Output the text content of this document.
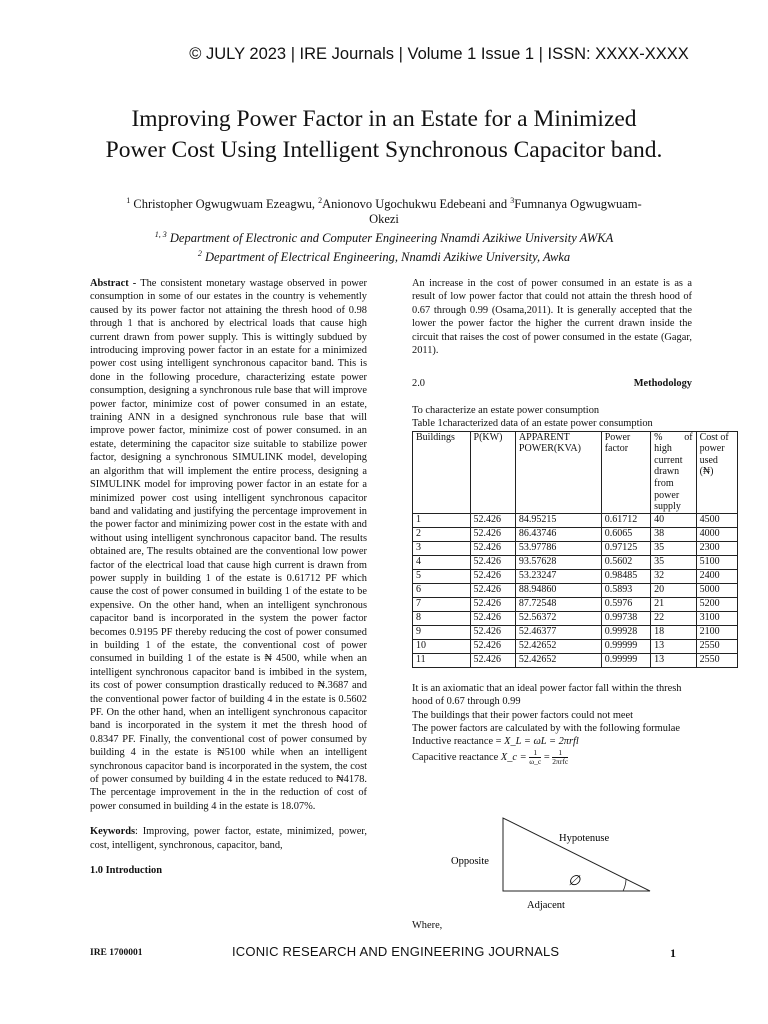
© JULY 2023 | IRE Journals | Volume 1 Issue 1 | ISSN: XXXX-XXXX
Improving Power Factor in an Estate for a Minimized
Power Cost Using Intelligent Synchronous Capacitor band.
$^1$ Christopher Ogwugwuam Ezeagwu, $^2$Anionovo Ugochukwu Edebeani and $^3$Fumnanya Ogwugwuam-
Okezi
$^{1, 3}$ Department of Electronic and Computer Engineering Nnamdi Azikiwe University AWKA
$^2$ Department of Electrical Engineering, Nnamdi Azikiwe University, Awka

Abstract - The consistent monetary wastage observed in power consumption in some of our estates in the country is vehemently caused by its power factor not attaining the thresh hood of 0.98 through 1 that is anchored by electrical loads that cause high current drawn from power supply. This is wittingly subdued by introducing improving power factor in an estate for a minimized power cost using intelligent synchronous capacitor band. This is done in the following procedure, characterizing estate power consumption, designing a synchronous rule base that will improve power factor, minimize cost of power consumed in an estate, training ANN in a designed synchronous rule base that will improve power factor, minimize cost of power consumed. in an estate, determining the capacitor size suitable to stabilize power factor, designing a synchronous SIMULINK model, developing an algorithm that will implement the entire process, designing a SIMULINK model for improving power factor in an estate for a minimized power cost using intelligent synchronous capacitor band and validating and justifying the percentage improvement in the power factor and minimizing power cost in the estate with and without using intelligent synchronous capacitor band. The results obtained are, The results obtained are the conventional low power factor of the electrical load that cause high current is drawn from power supply in building 1 of the estate is 0.61712 PF which cause the cost of power consumed in building 1 of the estate to be expensive. On the other hand, when an intelligent synchronous capacitor band is incorporated in the system the power factor becomes 0.9195 PF thereby reducing the cost of power consumed in building 1 of the estate, the conventional cost of power consumed in building 1 of the estate is ₦ 4500, while when an intelligent synchronous capacitor band is imbibed in the system, its cost of power consumption drastically reduced to ₦.3687 and the conventional power factor of building 4 in the estate is 0.5602 PF. On the other hand, when an intelligent synchronous capacitor band is incorporated in the system it met the thresh hood of 0.8347 PF. Finally, the conventional cost of power consumed by building 4 in the estate is ₦5100 while when an intelligent synchronous capacitor band is incorporated in the system, the cost of power consumed by building 4 in the estate reduced to ₦4178. The percentage improvement in the in the reduction of cost of power consumed in building 4 in the estate is 18.07%.

Keywords: Improving, power factor, estate, minimized, power, cost, intelligent, synchronous, capacitor, band,

1.0 Introduction

An increase in the cost of power consumed in an estate is as a result of low power factor that could not attain the thresh hood of 0.67 through 0.99 (Osama,2011). It is generally accepted that the lower the power factor the higher the current drawn inside the circuit that raises the cost of power consumed in the estate (Gagar, 2011).

2.0	Methodology

To characterize an estate power consumption

Table 1characterized data of an estate power consumption

Buildings	P(KW)	APPARENT POWER(KVA)	Power factor	% of high current drawn from power supply	Cost of power used (₦)
1	52.426	84.95215	0.61712	40	4500
2	52.426	86.43746	0.6065	38	4000
3	52.426	53.97786	0.97125	35	2300
4	52.426	93.57628	0.5602	35	5100
5	52.426	53.23247	0.98485	32	2400
6	52.426	88.94860	0.5893	20	5000
7	52.426	87.72548	0.5976	21	5200
8	52.426	52.56372	0.99738	22	3100
9	52.426	52.46377	0.99928	18	2100
10	52.426	52.42652	0.99999	13	2550
11	52.426	52.42652	0.99999	13	2550

It is an axiomatic that an ideal power factor fall within the thresh hood of 0.67 through 0.99

The buildings that their power factors could not meet

The power factors are calculated by with the following formulae

Inductive reactance = X_L = ωL = 2πrfl

Capacitive reactance X_c = $\frac{1}{\omega\_c} = \frac{1}{\text{2πrfc}}$

Hypotenuse
Opposite
Adjacent
∅
Where,
IRE 1700001	ICONIC RESEARCH AND ENGINEERING JOURNALS	1
